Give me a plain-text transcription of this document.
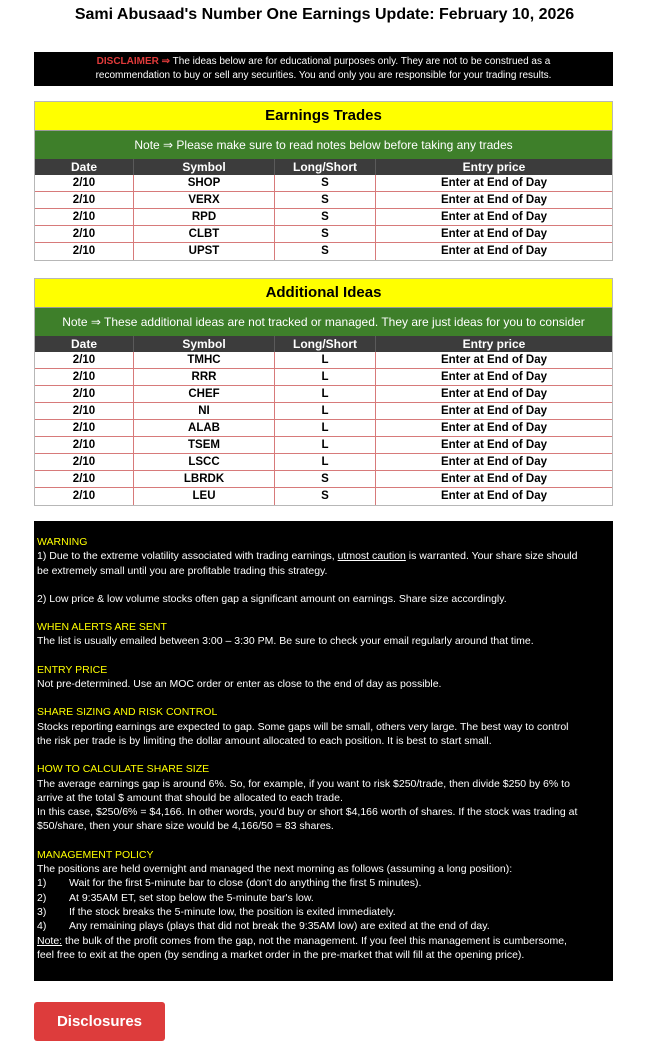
Sami Abusaad's Number One Earnings Update: February 10, 2026
DISCLAIMER ⇒ The ideas below are for educational purposes only. They are not to be construed as a
recommendation to buy or sell any securities. You and only you are responsible for your trading results.
Earnings Trades
Note ⇒ Please make sure to read notes below before taking any trades
Date	Symbol	Long/Short	Entry price
2/10	SHOP	S	Enter at End of Day
2/10	VERX	S	Enter at End of Day
2/10	RPD	S	Enter at End of Day
2/10	CLBT	S	Enter at End of Day
2/10	UPST	S	Enter at End of Day
Additional Ideas
Note ⇒ These additional ideas are not tracked or managed. They are just ideas for you to consider
Date	Symbol	Long/Short	Entry price
2/10	TMHC	L	Enter at End of Day
2/10	RRR	L	Enter at End of Day
2/10	CHEF	L	Enter at End of Day
2/10	NI	L	Enter at End of Day
2/10	ALAB	L	Enter at End of Day
2/10	TSEM	L	Enter at End of Day
2/10	LSCC	L	Enter at End of Day
2/10	LBRDK	S	Enter at End of Day
2/10	LEU	S	Enter at End of Day

WARNING

1) Due to the extreme volatility associated with trading earnings, utmost caution is warranted. Your share size should

be extremely small until you are profitable trading this strategy.

2) Low price & low volume stocks often gap a significant amount on earnings. Share size accordingly.

WHEN ALERTS ARE SENT

The list is usually emailed between 3:00 – 3:30 PM. Be sure to check your email regularly around that time.

ENTRY PRICE

Not pre-determined. Use an MOC order or enter as close to the end of day as possible.

SHARE SIZING AND RISK CONTROL

Stocks reporting earnings are expected to gap. Some gaps will be small, others very large. The best way to control

the risk per trade is by limiting the dollar amount allocated to each position. It is best to start small.

HOW TO CALCULATE SHARE SIZE

The average earnings gap is around 6%. So, for example, if you want to risk $250/trade, then divide $250 by 6% to

arrive at the total $ amount that should be allocated to each trade.

In this case, $250/6% = $4,166. In other words, you'd buy or short $4,166 worth of shares. If the stock was trading at

$50/share, then your share size would be 4,166/50 = 83 shares.

MANAGEMENT POLICY

The positions are held overnight and managed the next morning as follows (assuming a long position):

1)	Wait for the first 5-minute bar to close (don't do anything the first 5 minutes).
2)	At 9:35AM ET, set stop below the 5-minute bar's low.
3)	If the stock breaks the 5-minute low, the position is exited immediately.
4)	Any remaining plays (plays that did not break the 9:35AM low) are exited at the end of day.

Note: the bulk of the profit comes from the gap, not the management. If you feel this management is cumbersome,

feel free to exit at the open (by sending a market order in the pre-market that will fill at the opening price).

Disclosures
